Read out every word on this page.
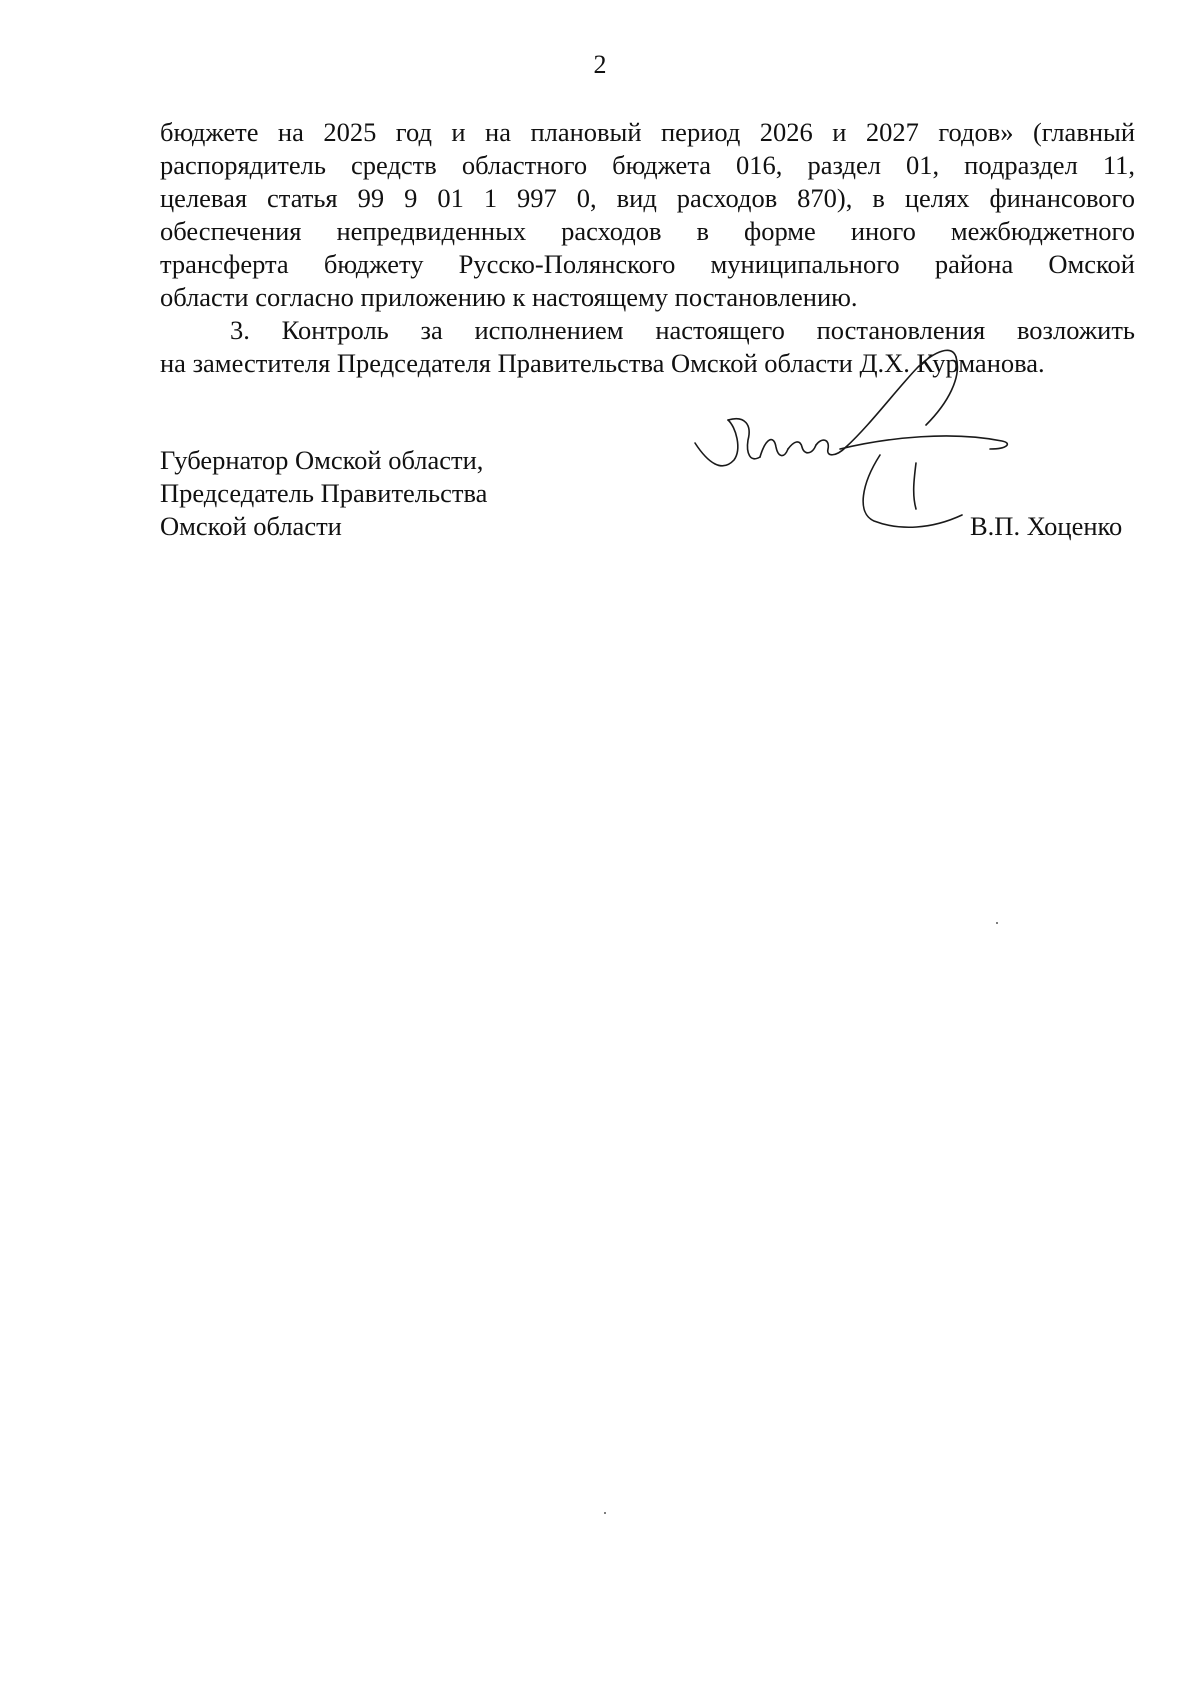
2
бюджете на 2025 год и на плановый период 2026 и 2027 годов» (главный
распорядитель средств областного бюджета 016, раздел 01, подраздел 11,
целевая статья 99 9 01 1 997 0, вид расходов 870), в целях финансового
обеспечения непредвиденных расходов в форме иного межбюджетного
трансферта бюджету Русско-Полянского муниципального района Омской
области согласно приложению к настоящему постановлению.
3. Контроль за исполнением настоящего постановления возложить
на заместителя Председателя Правительства Омской области Д.Х. Курманова.
Губернатор Омской области,
Председатель Правительства
Омской области	В.П. Хоценко
